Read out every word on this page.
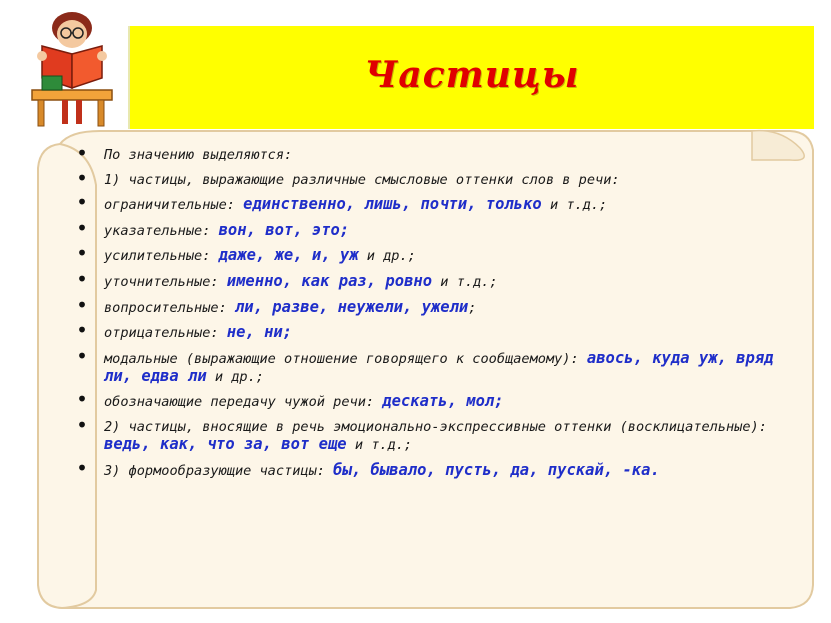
Частицы
• По значению выделяются:
• 1) частицы, выражающие различные смысловые оттенки слов в речи:
• ограничительные: единственно, лишь, почти, только и т.д.;
• указательные: вон, вот, это;
• усилительные: даже, же, и, уж и др.;
• уточнительные: именно, как раз, ровно и т.д.;
• вопросительные: ли, разве, неужели, ужели;
• отрицательные: не, ни;
• модальные (выражающие отношение говорящего к сообщаемому): авось, куда уж, вряд ли, едва ли и др.;
• обозначающие передачу чужой речи: дескать, мол;
• 2) частицы, вносящие в речь эмоционально-экспрессивные оттенки (восклицательные): ведь, как, что за, вот еще и т.д.;
• 3) формообразующие частицы: бы, бывало, пусть, да, пускай, -ка.
